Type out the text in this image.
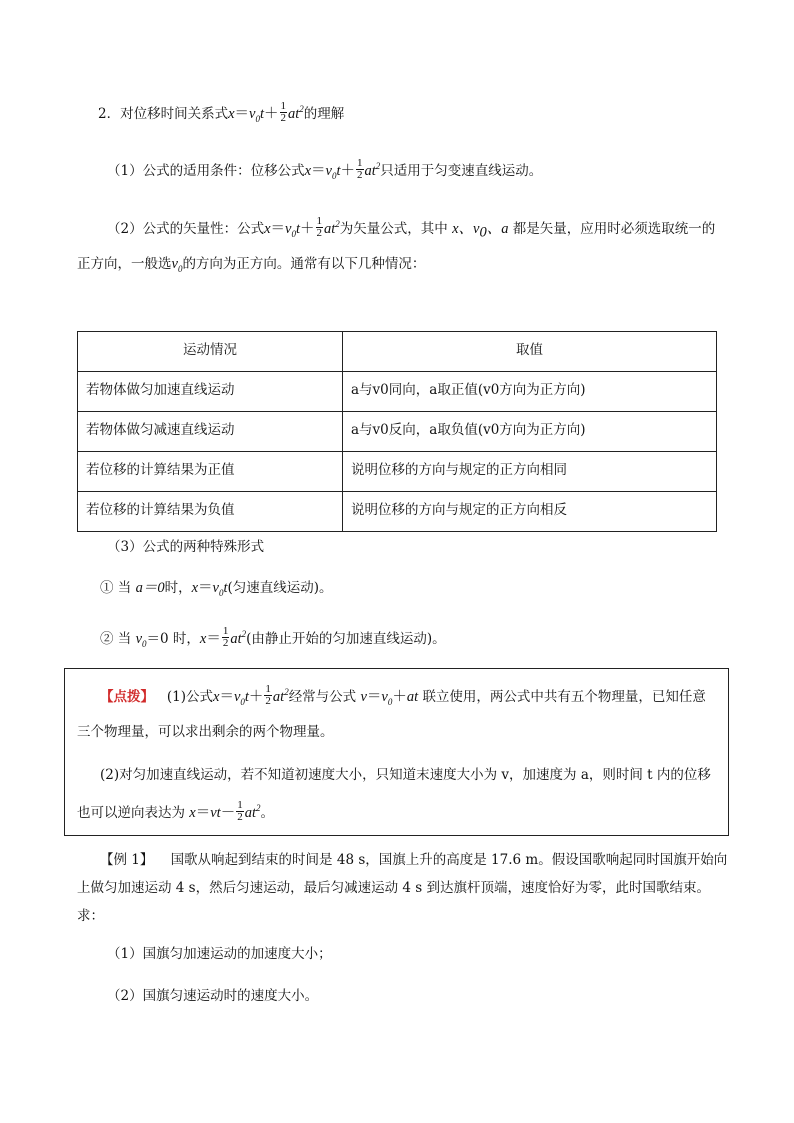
2．对位移时间关系式$x=v_0t+ \frac{1}{2} at^2$的理解
（1）公式的适用条件：位移公式$x=v_0t+ \frac{1}{2} at^2$只适用于匀变速直线运动。
（2）公式的矢量性：公式$x=v_0t+ \frac{1}{2} at^2$为矢量公式，其中 x、$v_0$、a 都是矢量，应用时必须选取统一的
正方向，一般选$v_0$的方向为正方向。通常有以下几种情况：
运动情况	取值
若物体做匀加速直线运动	a与v0同向，a取正值(v0方向为正方向)
若物体做匀减速直线运动	a与v0反向，a取负值(v0方向为正方向)
若位移的计算结果为正值	说明位移的方向与规定的正方向相同
若位移的计算结果为负值	说明位移的方向与规定的正方向相反
（3）公式的两种特殊形式
① 当 a＝0时，$x=v_0t$(匀速直线运动)。
② 当 $v_0=0$ 时，$x= \frac{1}{2} at^2$(由静止开始的匀加速直线运动)。
【点拨】 (1)公式$x=v_0t+ \frac{1}{2} at^2$经常与公式 $v=v_0+at$ 联立使用，两公式中共有五个物理量，已知任意
三个物理量，可以求出剩余的两个物理量。
(2)对匀加速直线运动，若不知道初速度大小，只知道末速度大小为 v，加速度为 a，则时间 t 内的位移
也可以逆向表达为 $x=vt- \frac{1}{2} at^2$。
【例 1】 国歌从响起到结束的时间是 48 s，国旗上升的高度是 17.6 m。假设国歌响起同时国旗开始向
上做匀加速运动 4 s，然后匀速运动，最后匀减速运动 4 s 到达旗杆顶端，速度恰好为零，此时国歌结束。
求：
（1）国旗匀加速运动的加速度大小；
（2）国旗匀速运动时的速度大小。
